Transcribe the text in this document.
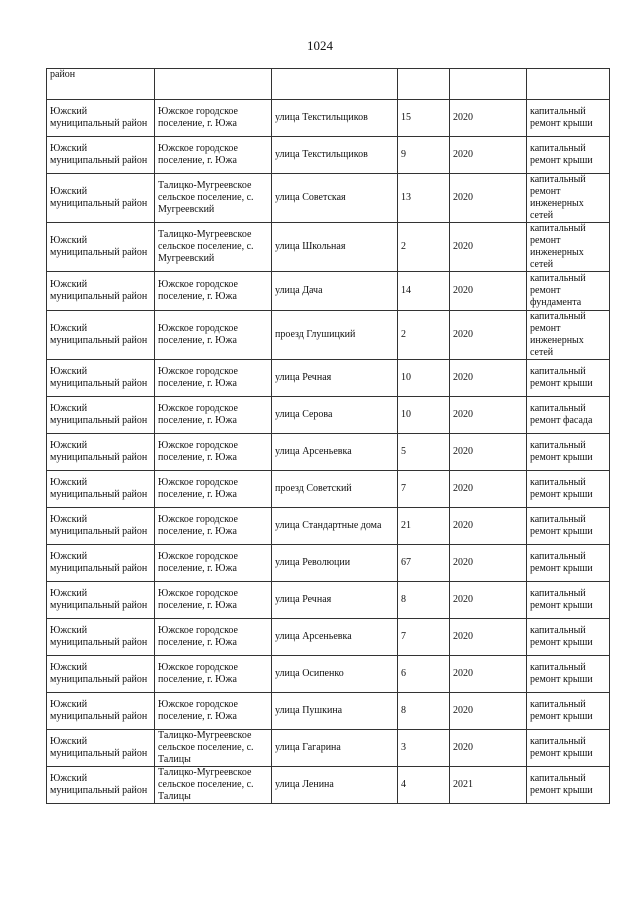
1024
район					
Южский муниципальный район	Южское городское поселение, г. Южа	улица Текстильщиков	15	2020	капитальный ремонт крыши
Южский муниципальный район	Южское городское поселение, г. Южа	улица Текстильщиков	9	2020	капитальный ремонт крыши
Южский муниципальный район	Талицко-Мугреевское сельское поселение, с. Мугреевский	улица Советская	13	2020	капитальный ремонт инженерных сетей
Южский муниципальный район	Талицко-Мугреевское сельское поселение, с. Мугреевский	улица Школьная	2	2020	капитальный ремонт инженерных сетей
Южский муниципальный район	Южское городское поселение, г. Южа	улица Дача	14	2020	капитальный ремонт фундамента
Южский муниципальный район	Южское городское поселение, г. Южа	проезд Глушицкий	2	2020	капитальный ремонт инженерных сетей
Южский муниципальный район	Южское городское поселение, г. Южа	улица Речная	10	2020	капитальный ремонт крыши
Южский муниципальный район	Южское городское поселение, г. Южа	улица Серова	10	2020	капитальный ремонт фасада
Южский муниципальный район	Южское городское поселение, г. Южа	улица Арсеньевка	5	2020	капитальный ремонт крыши
Южский муниципальный район	Южское городское поселение, г. Южа	проезд Советский	7	2020	капитальный ремонт крыши
Южский муниципальный район	Южское городское поселение, г. Южа	улица Стандартные дома	21	2020	капитальный ремонт крыши
Южский муниципальный район	Южское городское поселение, г. Южа	улица Революции	67	2020	капитальный ремонт крыши
Южский муниципальный район	Южское городское поселение, г. Южа	улица Речная	8	2020	капитальный ремонт крыши
Южский муниципальный район	Южское городское поселение, г. Южа	улица Арсеньевка	7	2020	капитальный ремонт крыши
Южский муниципальный район	Южское городское поселение, г. Южа	улица Осипенко	6	2020	капитальный ремонт крыши
Южский муниципальный район	Южское городское поселение, г. Южа	улица Пушкина	8	2020	капитальный ремонт крыши
Южский муниципальный район	Талицко-Мугреевское сельское поселение, с. Талицы	улица Гагарина	3	2020	капитальный ремонт крыши
Южский муниципальный район	Талицко-Мугреевское сельское поселение, с. Талицы	улица Ленина	4	2021	капитальный ремонт крыши
